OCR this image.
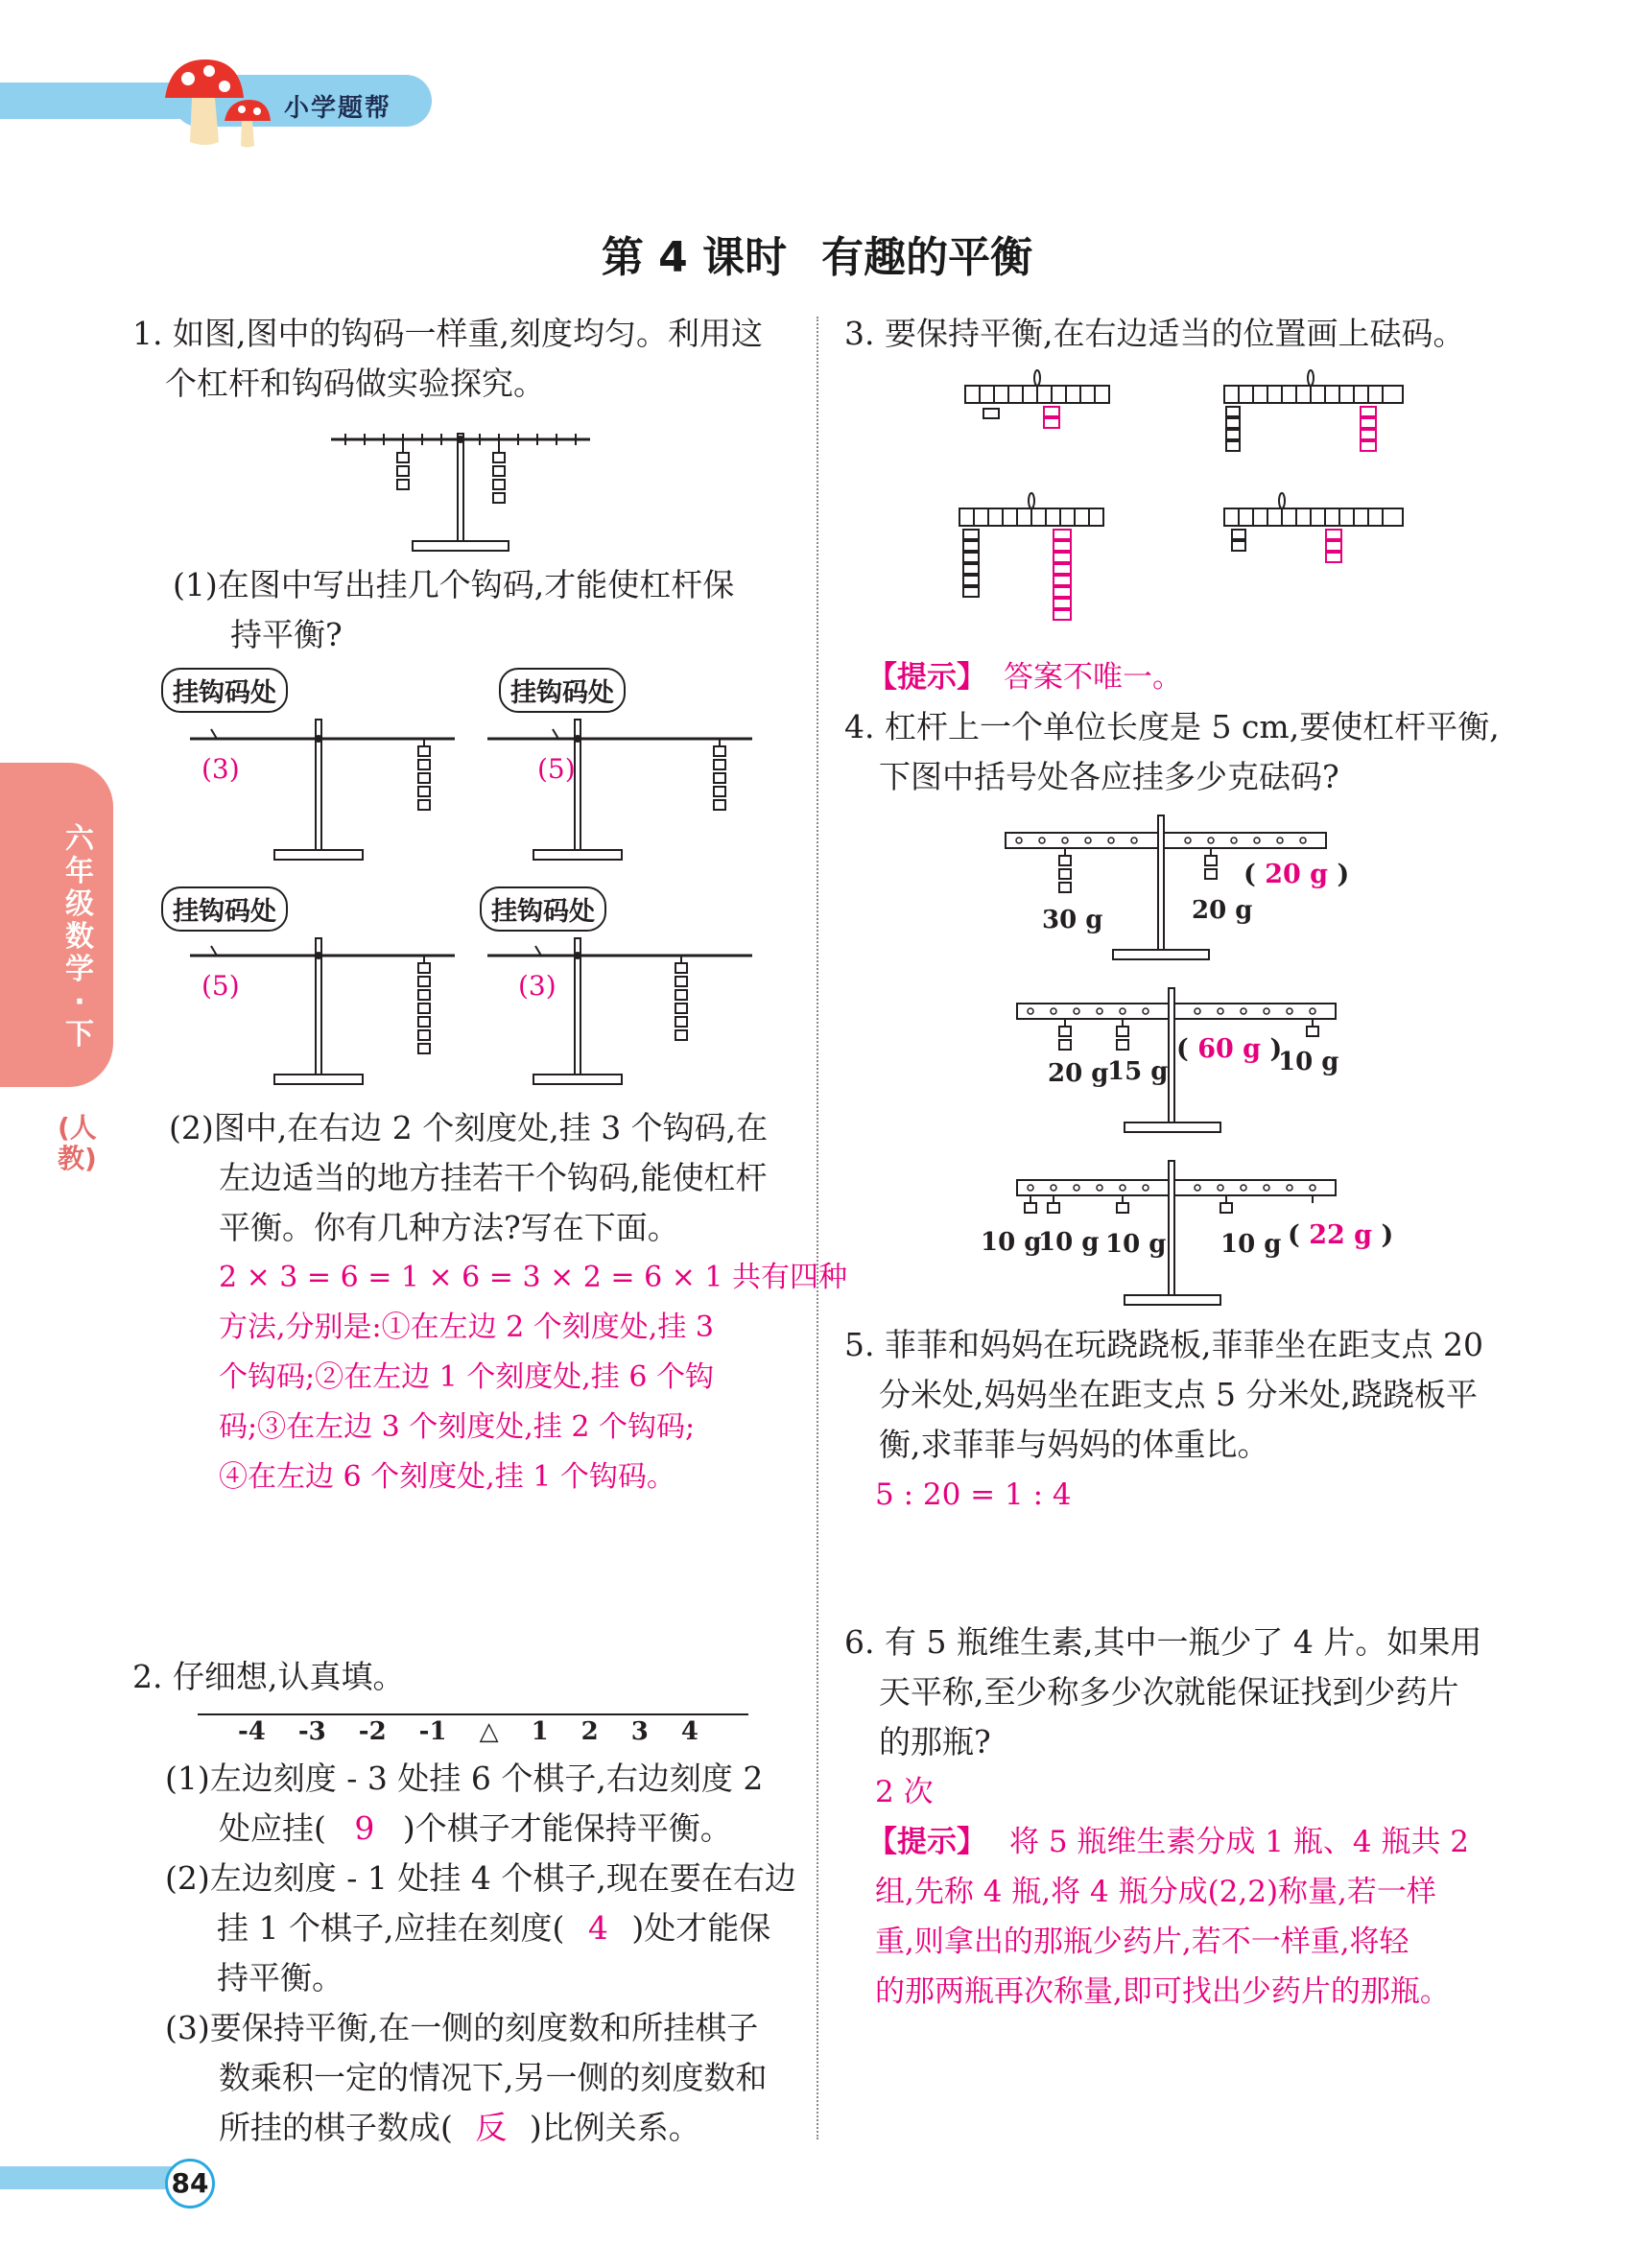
小学题帮
六年级数学·下
(人教)
第 4 课时 有趣的平衡
1. 如图,图中的钩码一样重,刻度均匀。利用这
个杠杆和钩码做实验探究。
(1)在图中写出挂几个钩码,才能使杠杆保
持平衡?
挂钩码处	挂钩码处
挂钩码处	挂钩码处
(3)	(5)
(5)	(3)
(2)图中,在右边 2 个刻度处,挂 3 个钩码,在
左边适当的地方挂若干个钩码,能使杠杆
平衡。你有几种方法?写在下面。
2 × 3 = 6 = 1 × 6 = 3 × 2 = 6 × 1 共有四种
方法,分别是:①在左边 2 个刻度处,挂 3
个钩码;②在左边 1 个刻度处,挂 6 个钩
码;③在左边 3 个刻度处,挂 2 个钩码;
④在左边 6 个刻度处,挂 1 个钩码。
2. 仔细想,认真填。
-4 -3 -2 -1 △ 1 2 3 4
(1)左边刻度 - 3 处挂 6 个棋子,右边刻度 2
处应挂( 9 )个棋子才能保持平衡。
(2)左边刻度 - 1 处挂 4 个棋子,现在要在右边
挂 1 个棋子,应挂在刻度( 4 )处才能保
持平衡。
(3)要保持平衡,在一侧的刻度数和所挂棋子
数乘积一定的情况下,另一侧的刻度数和
所挂的棋子数成( 反 )比例关系。
3. 要保持平衡,在右边适当的位置画上砝码。
【提示】 答案不唯一。
4. 杠杆上一个单位长度是 5 cm,要使杠杆平衡,
下图中括号处各应挂多少克砝码?
30 g	20 g
( 20 g )
20 g
15 g
( 60 g )
10 g
10 g
10 g 10 g 10 g ( 22 g )
5. 菲菲和妈妈在玩跷跷板,菲菲坐在距支点 20
分米处,妈妈坐在距支点 5 分米处,跷跷板平
衡,求菲菲与妈妈的体重比。
5 : 20 = 1 : 4
6. 有 5 瓶维生素,其中一瓶少了 4 片。如果用
天平称,至少称多少次就能保证找到少药片
的那瓶?
2 次
【提示】 将 5 瓶维生素分成 1 瓶、4 瓶共 2
组,先称 4 瓶,将 4 瓶分成(2,2)称量,若一样
重,则拿出的那瓶少药片,若不一样重,将轻
的那两瓶再次称量,即可找出少药片的那瓶。
84
